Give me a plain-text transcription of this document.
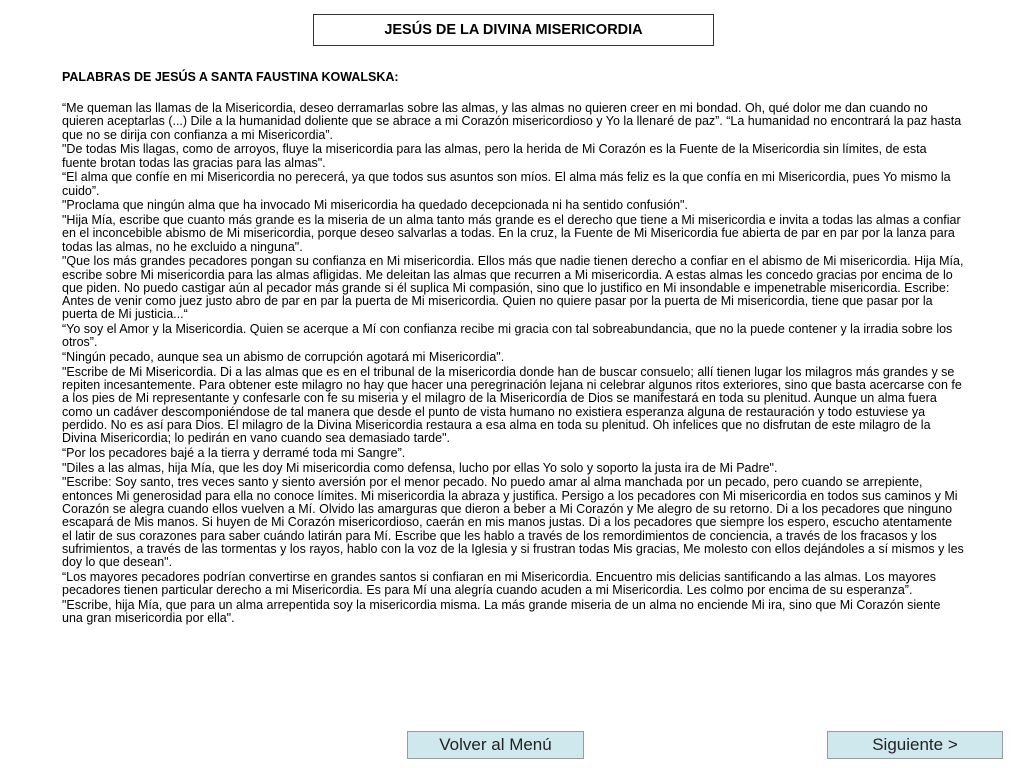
JESÚS DE LA DIVINA MISERICORDIA
PALABRAS DE JESÚS A SANTA FAUSTINA KOWALSKA:

“Me queman las llamas de la Misericordia, deseo derramarlas sobre las almas, y las almas no quieren creer en mi bondad. Oh, qué dolor me dan cuando no quieren aceptarlas (...) Dile a la humanidad doliente que se abrace a mi Corazón misericordioso y Yo la llenaré de paz”. “La humanidad no encontrará la paz hasta que no se dirija con confianza a mi Misericordia”.

"De todas Mis llagas, como de arroyos, fluye la misericordia para las almas, pero la herida de Mi Corazón es la Fuente de la Misericordia sin límites, de esta fuente brotan todas las gracias para las almas".

“El alma que confíe en mi Misericordia no perecerá, ya que todos sus asuntos son míos. El alma más feliz es la que confía en mi Misericordia, pues Yo mismo la cuido”.

"Proclama que ningún alma que ha invocado Mi misericordia ha quedado decepcionada ni ha sentido confusión".

"Hija Mía, escribe que cuanto más grande es la miseria de un alma tanto más grande es el derecho que tiene a Mi misericordia e invita a todas las almas a confiar en el inconcebible abismo de Mi misericordia, porque deseo salvarlas a todas. En la cruz, la Fuente de Mi Misericordia fue abierta de par en par por la lanza para todas las almas, no he excluido a ninguna".

"Que los más grandes pecadores pongan su confianza en Mi misericordia. Ellos más que nadie tienen derecho a confiar en el abismo de Mi misericordia. Hija Mía, escribe sobre Mi misericordia para las almas afligidas. Me deleitan las almas que recurren a Mi misericordia. A estas almas les concedo gracias por encima de lo que piden. No puedo castigar aún al pecador más grande si él suplica Mi compasión, sino que lo justifico en Mi insondable e impenetrable misericordia. Escribe: Antes de venir como juez justo abro de par en par la puerta de Mi misericordia. Quien no quiere pasar por la puerta de Mi misericordia, tiene que pasar por la puerta de Mi justicia...“

“Yo soy el Amor y la Misericordia. Quien se acerque a Mí con confianza recibe mi gracia con tal sobreabundancia, que no la puede contener y la irradia sobre los otros”.

“Ningún pecado, aunque sea un abismo de corrupción agotará mi Misericordia".

"Escribe de Mi Misericordia. Di a las almas que es en el tribunal de la misericordia donde han de buscar consuelo; allí tienen lugar los milagros más grandes y se repiten incesantemente. Para obtener este milagro no hay que hacer una peregrinación lejana ni celebrar algunos ritos exteriores, sino que basta acercarse con fe a los pies de Mi representante y confesarle con fe su miseria y el milagro de la Misericordia de Dios se manifestará en toda su plenitud. Aunque un alma fuera como un cadáver descomponiéndose de tal manera que desde el punto de vista humano no existiera esperanza alguna de restauración y todo estuviese ya perdido. No es así para Dios. El milagro de la Divina Misericordia restaura a esa alma en toda su plenitud. Oh infelices que no disfrutan de este milagro de la Divina Misericordia; lo pedirán en vano cuando sea demasiado tarde".

“Por los pecadores bajé a la tierra y derramé toda mi Sangre”.

"Diles a las almas, hija Mía, que les doy Mi misericordia como defensa, lucho por ellas Yo solo y soporto la justa ira de Mi Padre".

"Escribe: Soy santo, tres veces santo y siento aversión por el menor pecado. No puedo amar al alma manchada por un pecado, pero cuando se arrepiente, entonces Mi generosidad para ella no conoce límites. Mi misericordia la abraza y justifica. Persigo a los pecadores con Mi misericordia en todos sus caminos y Mi Corazón se alegra cuando ellos vuelven a Mí. Olvido las amarguras que dieron a beber a Mi Corazón y Me alegro de su retorno. Di a los pecadores que ninguno escapará de Mis manos. Si huyen de Mi Corazón misericordioso, caerán en mis manos justas. Di a los pecadores que siempre los espero, escucho atentamente el latir de sus corazones para saber cuándo latirán para Mí. Escribe que les hablo a través de los remordimientos de conciencia, a través de los fracasos y los sufrimientos, a través de las tormentas y los rayos, hablo con la voz de la Iglesia y si frustran todas Mis gracias, Me molesto con ellos dejándoles a sí mismos y les doy lo que desean".

“Los mayores pecadores podrían convertirse en grandes santos si confiaran en mi Misericordia. Encuentro mis delicias santificando a las almas. Los mayores pecadores tienen particular derecho a mi Misericordia. Es para Mí una alegría cuando acuden a mi Misericordia. Les colmo por encima de su esperanza”.

"Escribe, hija Mía, que para un alma arrepentida soy la misericordia misma. La más grande miseria de un alma no enciende Mi ira, sino que Mi Corazón siente una gran misericordia por ella".

Volver al Menú	Siguiente >
